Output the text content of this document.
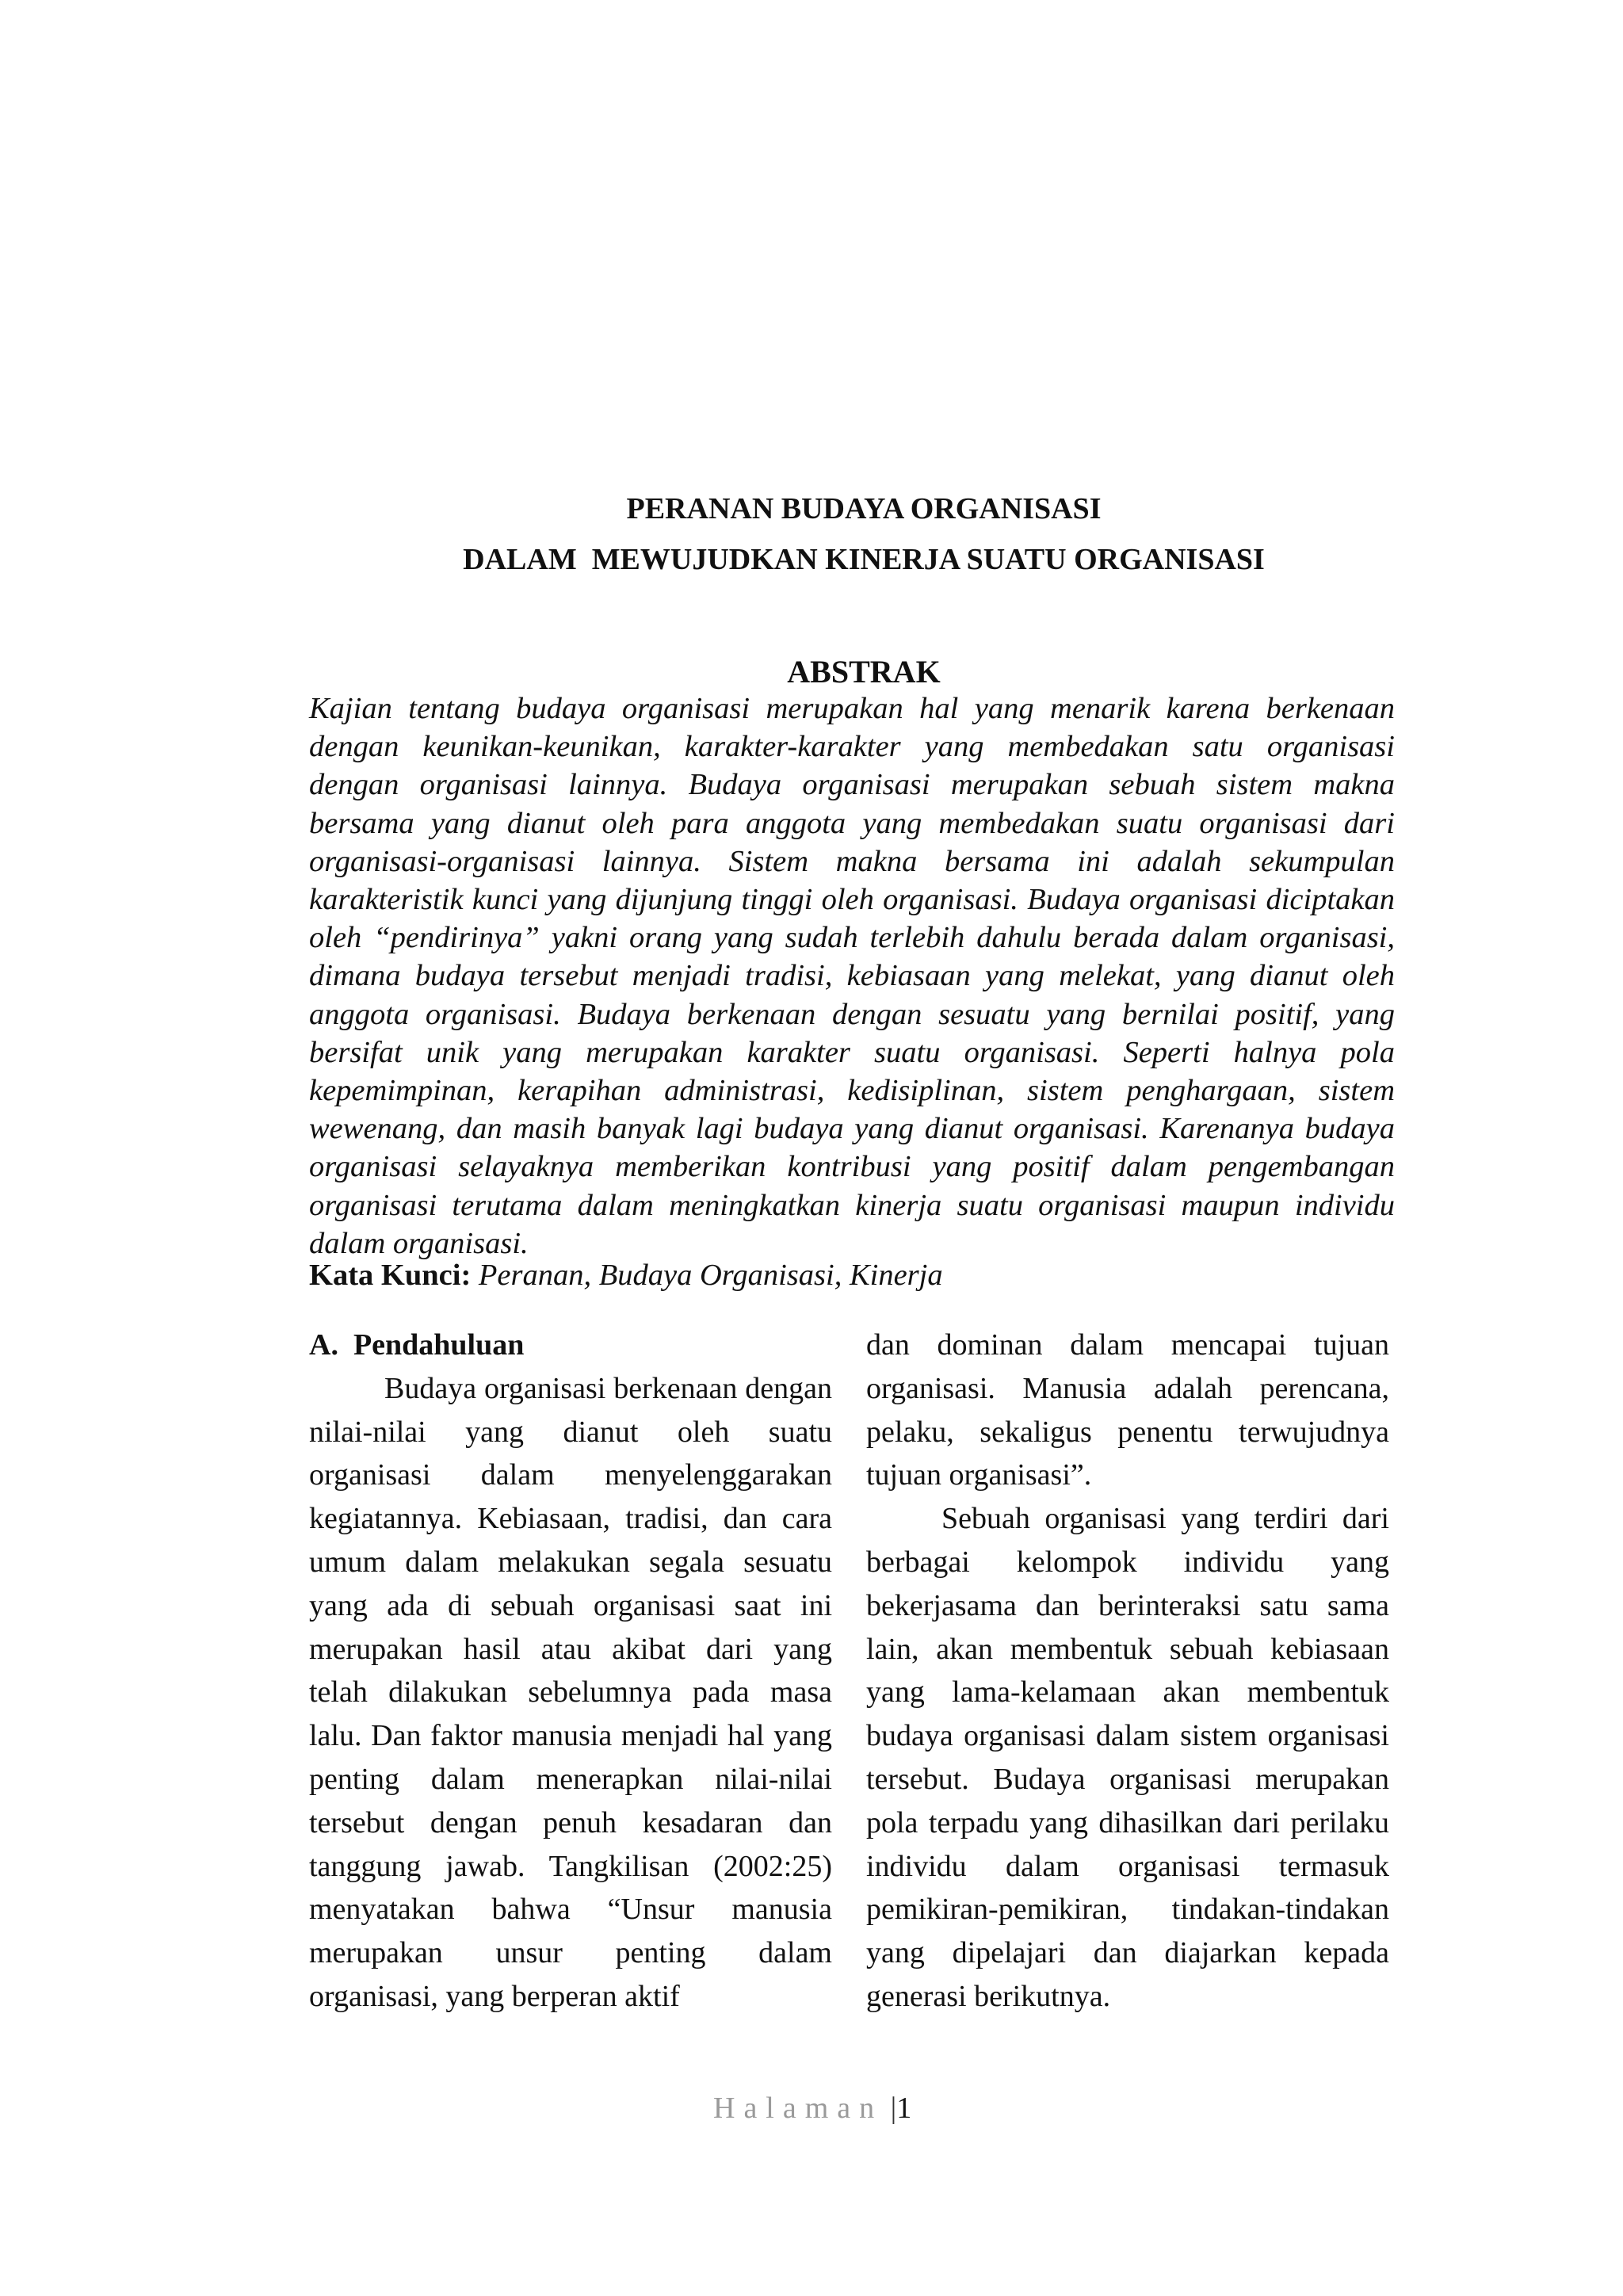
PERANAN BUDAYA ORGANISASI
DALAM  MEWUJUDKAN KINERJA SUATU ORGANISASI
ABSTRAK
Kajian tentang budaya organisasi merupakan hal yang menarik karena berkenaan dengan keunikan-keunikan, karakter-karakter yang membedakan satu organisasi dengan organisasi lainnya. Budaya organisasi merupakan sebuah sistem makna bersama yang dianut oleh para anggota yang membedakan suatu organisasi dari organisasi-organisasi lainnya. Sistem makna bersama ini adalah sekumpulan karakteristik kunci yang dijunjung tinggi oleh organisasi. Budaya organisasi diciptakan oleh “pendirinya” yakni orang yang sudah terlebih dahulu berada dalam organisasi, dimana budaya tersebut menjadi tradisi, kebiasaan yang melekat, yang dianut oleh anggota organisasi. Budaya berkenaan dengan sesuatu yang bernilai positif, yang bersifat unik yang merupakan karakter suatu organisasi. Seperti halnya pola kepemimpinan, kerapihan administrasi, kedisiplinan, sistem penghargaan, sistem wewenang, dan masih banyak lagi budaya yang dianut organisasi. Karenanya budaya organisasi selayaknya memberikan kontribusi yang positif dalam pengembangan organisasi terutama dalam meningkatkan kinerja suatu organisasi maupun individu dalam organisasi.
Kata Kunci: Peranan, Budaya Organisasi, Kinerja
A.  Pendahuluan

Budaya organisasi berkenaan dengan nilai-nilai yang dianut oleh suatu organisasi dalam menyelenggarakan kegiatannya. Kebiasaan, tradisi, dan cara umum dalam melakukan segala sesuatu yang ada di sebuah organisasi saat ini merupakan hasil atau akibat dari yang telah dilakukan sebelumnya pada masa lalu. Dan faktor manusia menjadi hal yang penting dalam menerapkan nilai-nilai tersebut dengan penuh kesadaran dan tanggung jawab. Tangkilisan (2002:25) menyatakan bahwa “Unsur manusia merupakan unsur penting dalam organisasi, yang berperan aktif

dan dominan dalam mencapai tujuan organisasi. Manusia adalah perencana, pelaku, sekaligus penentu terwujudnya tujuan organisasi”.

Sebuah organisasi yang terdiri dari berbagai kelompok individu yang bekerjasama dan berinteraksi satu sama lain, akan membentuk sebuah kebiasaan yang lama-kelamaan akan membentuk budaya organisasi dalam sistem organisasi tersebut. Budaya organisasi merupakan pola terpadu yang dihasilkan dari perilaku individu dalam organisasi termasuk pemikiran-pemikiran, tindakan-tindakan yang dipelajari dan diajarkan kepada generasi berikutnya.

Halaman |1
